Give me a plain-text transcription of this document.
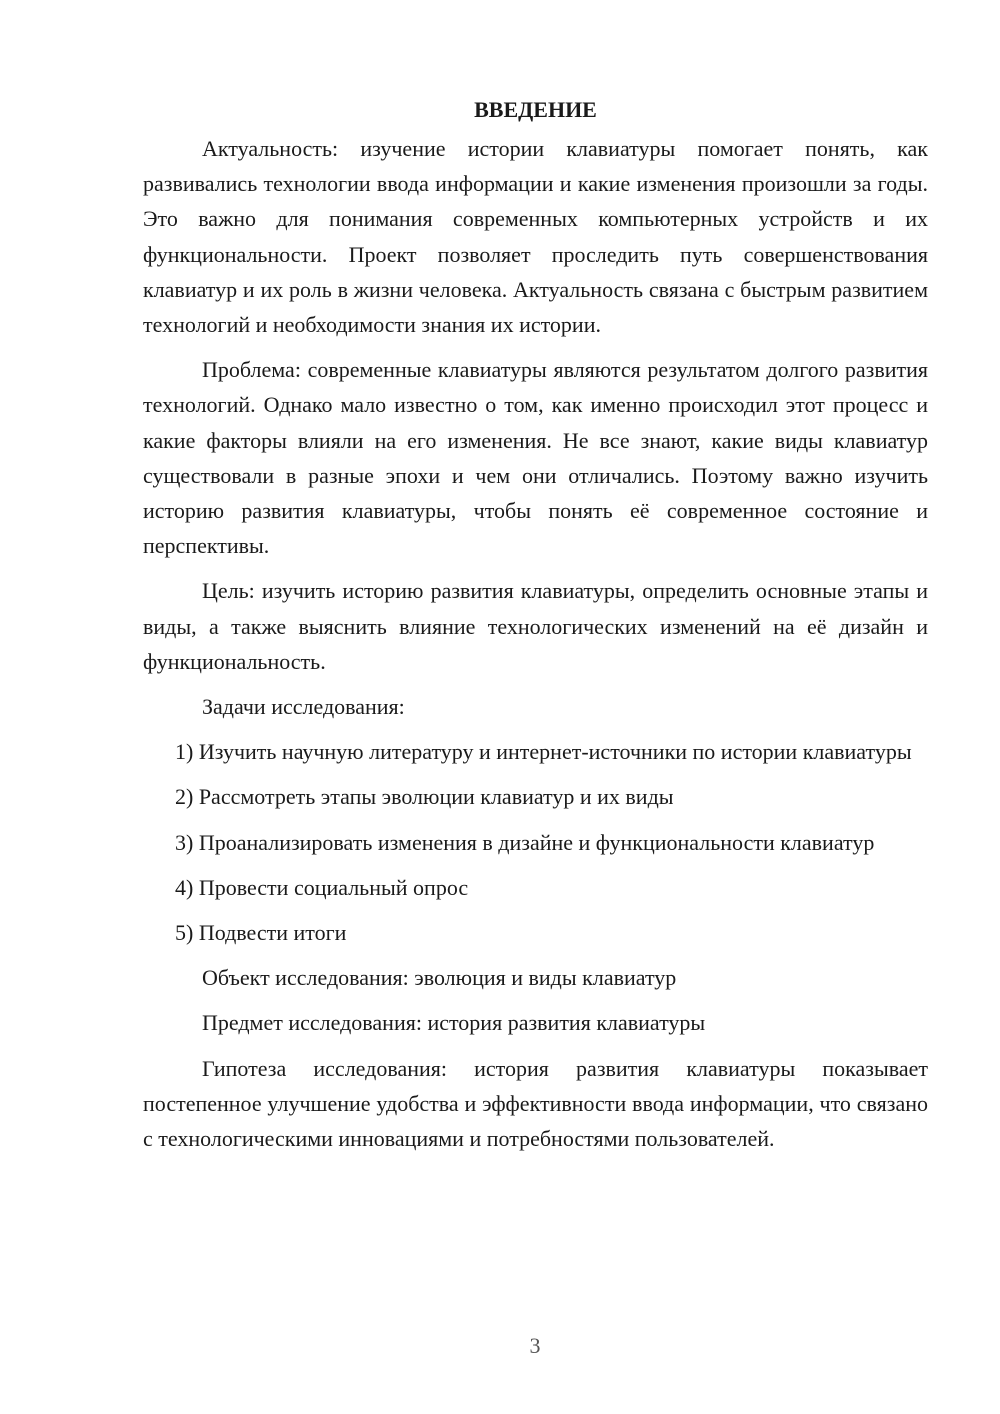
ВВЕДЕНИЕ

Актуальность: изучение истории клавиатуры помогает понять, как развивались технологии ввода информации и какие изменения произошли за годы. Это важно для понимания современных компьютерных устройств и их функциональности. Проект позволяет проследить путь совершенствования клавиатур и их роль в жизни человека. Актуальность связана с быстрым развитием технологий и необходимости знания их истории.

Проблема: современные клавиатуры являются результатом долгого развития технологий. Однако мало известно о том, как именно происходил этот процесс и какие факторы влияли на его изменения. Не все знают, какие виды клавиатур существовали в разные эпохи и чем они отличались. Поэтому важно изучить историю развития клавиатуры, чтобы понять её современное состояние и перспективы.

Цель: изучить историю развития клавиатуры, определить основные этапы и виды, а также выяснить влияние технологических изменений на её дизайн и функциональность.

Задачи исследования:

1) Изучить научную литературу и интернет-источники по истории клавиатуры

2) Рассмотреть этапы эволюции клавиатур и их виды

3) Проанализировать изменения в дизайне и функциональности клавиатур

4) Провести социальный опрос

5) Подвести итоги

Объект исследования: эволюция и виды клавиатур

Предмет исследования: история развития клавиатуры

Гипотеза исследования: история развития клавиатуры показывает постепенное улучшение удобства и эффективности ввода информации, что связано с технологическими инновациями и потребностями пользователей.

3
